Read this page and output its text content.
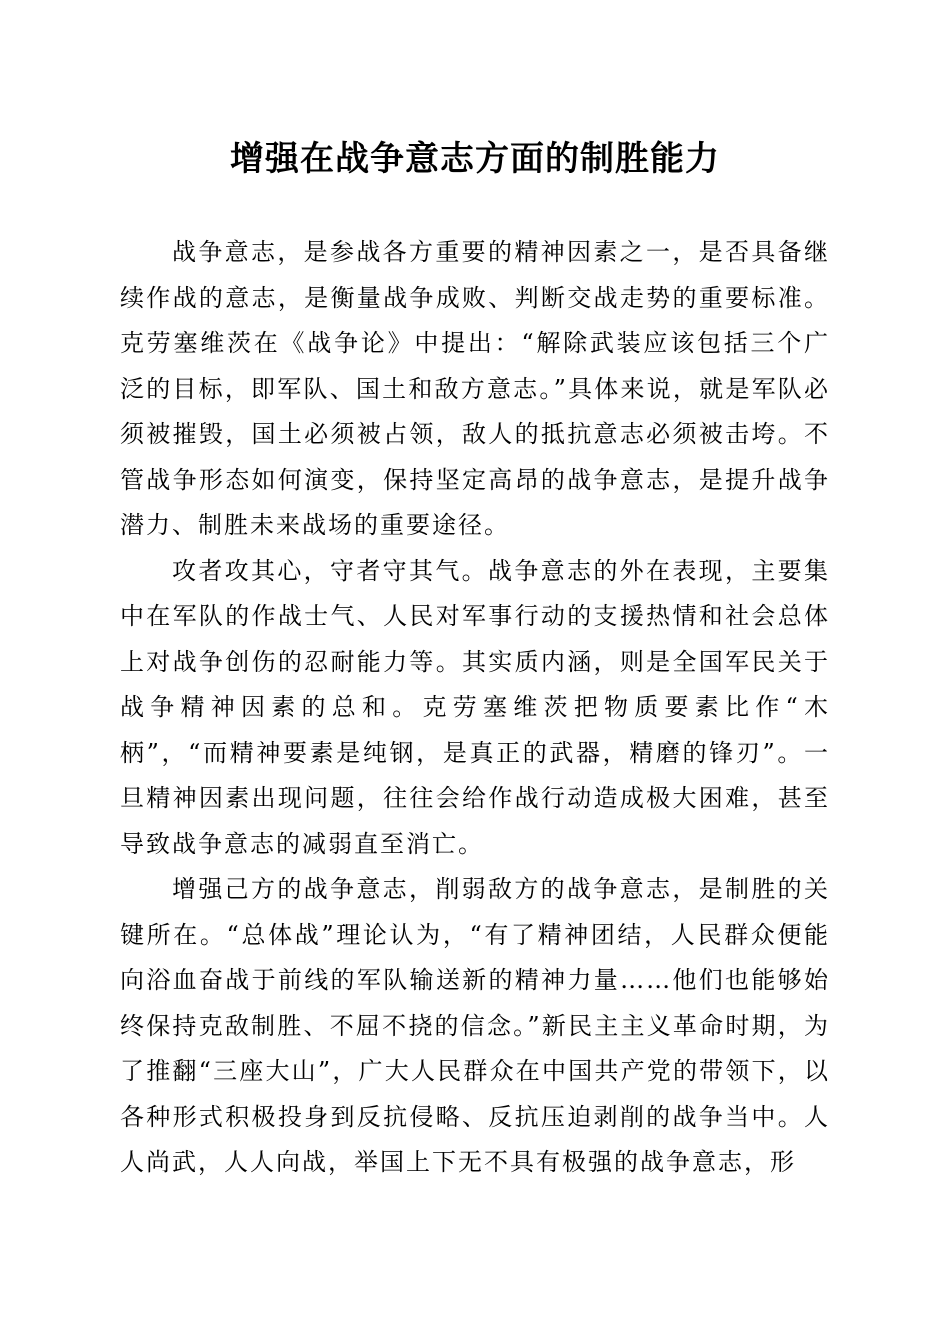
增强在战争意志方面的制胜能力

战争意志，是参战各方重要的精神因素之一，是否具备继续作战的意志，是衡量战争成败、判断交战走势的重要标准。克劳塞维茨在《战争论》中提出：“解除武装应该包括三个广泛的目标，即军队、国土和敌方意志。”具体来说，就是军队必须被摧毁，国土必须被占领，敌人的抵抗意志必须被击垮。不管战争形态如何演变，保持坚定高昂的战争意志，是提升战争潜力、制胜未来战场的重要途径。

攻者攻其心，守者守其气。战争意志的外在表现，主要集中在军队的作战士气、人民对军事行动的支援热情和社会总体上对战争创伤的忍耐能力等。其实质内涵，则是全国军民关于战争精神因素的总和。克劳塞维茨把物质要素比作“木柄”，“而精神要素是纯钢，是真正的武器，精磨的锋刃”。一旦精神因素出现问题，往往会给作战行动造成极大困难，甚至导致战争意志的减弱直至消亡。

增强己方的战争意志，削弱敌方的战争意志，是制胜的关键所在。“总体战”理论认为，“有了精神团结，人民群众便能向浴血奋战于前线的军队输送新的精神力量……他们也能够始终保持克敌制胜、不屈不挠的信念。”新民主主义革命时期，为了推翻“三座大山”，广大人民群众在中国共产党的带领下，以各种形式积极投身到反抗侵略、反抗压迫剥削的战争当中。人人尚武，人人向战，举国上下无不具有极强的战争意志，形
